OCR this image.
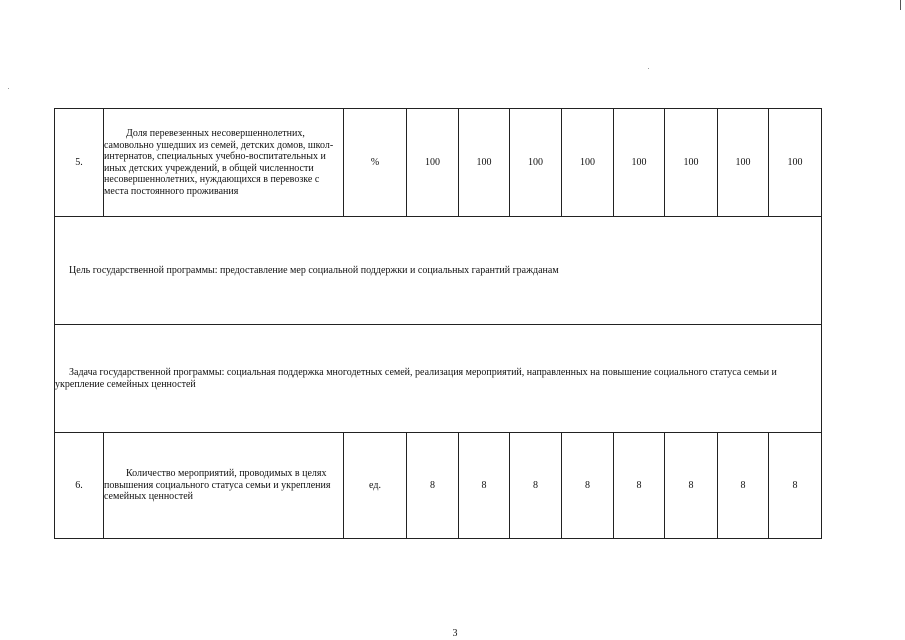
5.	Доля перевезенных несовершеннолетних, самовольно ушедших из семей, детских домов, школ-интернатов, специальных учебно-воспитательных и иных детских учреждений, в общей численности несовершеннолетних, нуждающихся в перевозке с места постоянного проживания	%	100	100	100	100	100	100	100	100

Цель государственной программы: предоставление мер социальной поддержки и социальных гарантий гражданам										

Задача государственной программы: социальная поддержка многодетных семей, реализация мероприятий, направленных на повышение социального статуса семьи и укрепление семейных ценностей										

6.	Количество мероприятий, проводимых в целях повышения социального статуса семьи и укрепления семейных ценностей	ед.	8	8	8	8	8	8	8	8
3
